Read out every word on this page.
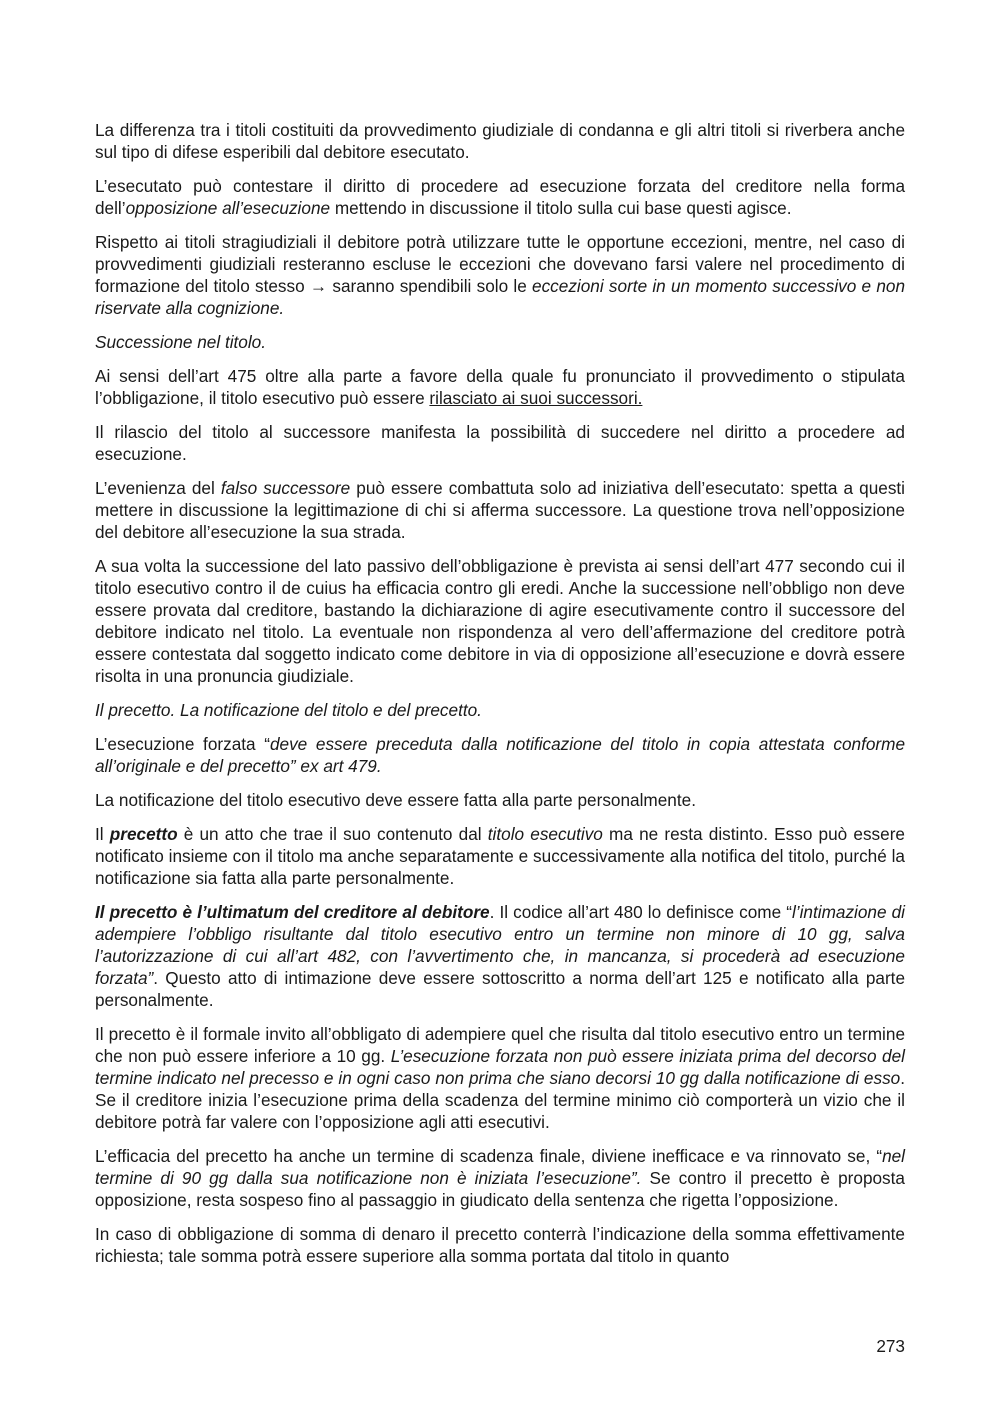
La differenza tra i titoli costituiti da provvedimento giudiziale di condanna e gli altri titoli si riverbera anche sul tipo di difese esperibili dal debitore esecutato.

L’esecutato può contestare il diritto di procedere ad esecuzione forzata del creditore nella forma dell’opposizione all’esecuzione mettendo in discussione il titolo sulla cui base questi agisce.

Rispetto ai titoli stragiudiziali il debitore potrà utilizzare tutte le opportune eccezioni, mentre, nel caso di provvedimenti giudiziali resteranno escluse le eccezioni che dovevano farsi valere nel procedimento di formazione del titolo stesso → saranno spendibili solo le eccezioni sorte in un momento successivo e non riservate alla cognizione.

Successione nel titolo.

Ai sensi dell’art 475 oltre alla parte a favore della quale fu pronunciato il provvedimento o stipulata l’obbligazione, il titolo esecutivo può essere rilasciato ai suoi successori.

Il rilascio del titolo al successore manifesta la possibilità di succedere nel diritto a procedere ad esecuzione.

L’evenienza del falso successore può essere combattuta solo ad iniziativa dell’esecutato: spetta a questi mettere in discussione la legittimazione di chi si afferma successore. La questione trova nell’opposizione del debitore all’esecuzione la sua strada.

A sua volta la successione del lato passivo dell’obbligazione è prevista ai sensi dell’art 477 secondo cui il titolo esecutivo contro il de cuius ha efficacia contro gli eredi. Anche la successione nell’obbligo non deve essere provata dal creditore, bastando la dichiarazione di agire esecutivamente contro il successore del debitore indicato nel titolo. La eventuale non rispondenza al vero dell’affermazione del creditore potrà essere contestata dal soggetto indicato come debitore in via di opposizione all’esecuzione e dovrà essere risolta in una pronuncia giudiziale.

Il precetto. La notificazione del titolo e del precetto.

L’esecuzione forzata “deve essere preceduta dalla notificazione del titolo in copia attestata conforme all’originale e del precetto” ex art 479.

La notificazione del titolo esecutivo deve essere fatta alla parte personalmente.

Il precetto è un atto che trae il suo contenuto dal titolo esecutivo ma ne resta distinto. Esso può essere notificato insieme con il titolo ma anche separatamente e successivamente alla notifica del titolo, purché la notificazione sia fatta alla parte personalmente.

Il precetto è l’ultimatum del creditore al debitore. Il codice all’art 480 lo definisce come “l’intimazione di adempiere l’obbligo risultante dal titolo esecutivo entro un termine non minore di 10 gg, salva l’autorizzazione di cui all’art 482, con l’avvertimento che, in mancanza, si procederà ad esecuzione forzata”. Questo atto di intimazione deve essere sottoscritto a norma dell’art 125 e notificato alla parte personalmente.

Il precetto è il formale invito all’obbligato di adempiere quel che risulta dal titolo esecutivo entro un termine che non può essere inferiore a 10 gg. L’esecuzione forzata non può essere iniziata prima del decorso del termine indicato nel precesso e in ogni caso non prima che siano decorsi 10 gg dalla notificazione di esso. Se il creditore inizia l’esecuzione prima della scadenza del termine minimo ciò comporterà un vizio che il debitore potrà far valere con l’opposizione agli atti esecutivi.

L’efficacia del precetto ha anche un termine di scadenza finale, diviene inefficace e va rinnovato se, “nel termine di 90 gg dalla sua notificazione non è iniziata l’esecuzione”. Se contro il precetto è proposta opposizione, resta sospeso fino al passaggio in giudicato della sentenza che rigetta l’opposizione.

In caso di obbligazione di somma di denaro il precetto conterrà l’indicazione della somma effettivamente richiesta; tale somma potrà essere superiore alla somma portata dal titolo in quanto

273
